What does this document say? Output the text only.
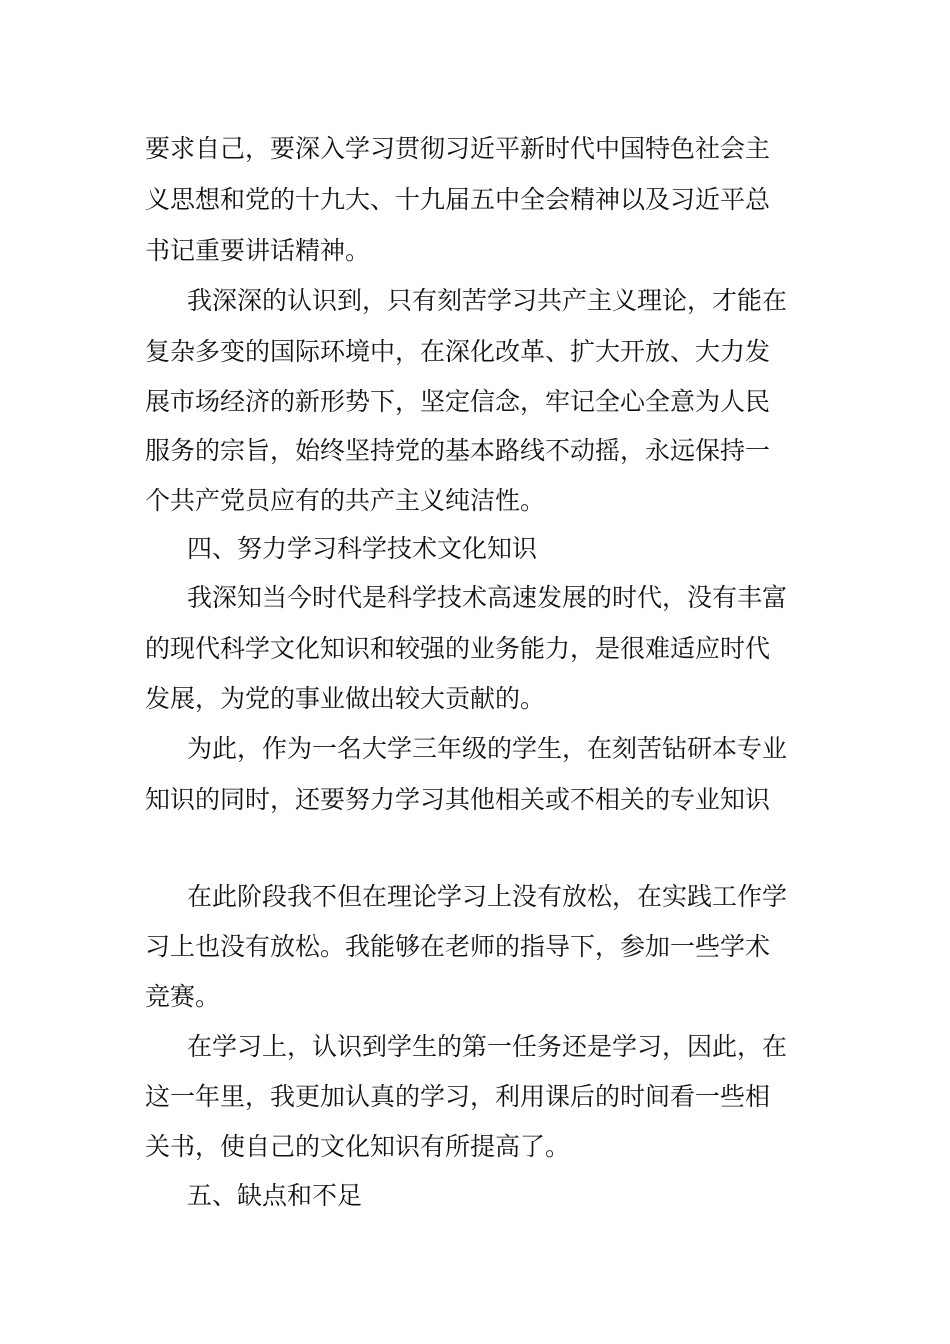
要求自己，要深入学习贯彻习近平新时代中国特色社会主

义思想和党的十九大、十九届五中全会精神以及习近平总

书记重要讲话精神。

我深深的认识到，只有刻苦学习共产主义理论，才能在

复杂多变的国际环境中，在深化改革、扩大开放、大力发

展市场经济的新形势下，坚定信念，牢记全心全意为人民

服务的宗旨，始终坚持党的基本路线不动摇，永远保持一

个共产党员应有的共产主义纯洁性。

四、努力学习科学技术文化知识

我深知当今时代是科学技术高速发展的时代，没有丰富

的现代科学文化知识和较强的业务能力，是很难适应时代

发展，为党的事业做出较大贡献的。

为此，作为一名大学三年级的学生，在刻苦钻研本专业

知识的同时，还要努力学习其他相关或不相关的专业知识

在此阶段我不但在理论学习上没有放松，在实践工作学

习上也没有放松。我能够在老师的指导下，参加一些学术

竞赛。

在学习上，认识到学生的第一任务还是学习，因此，在

这一年里，我更加认真的学习，利用课后的时间看一些相

关书，使自己的文化知识有所提高了。

五、缺点和不足
